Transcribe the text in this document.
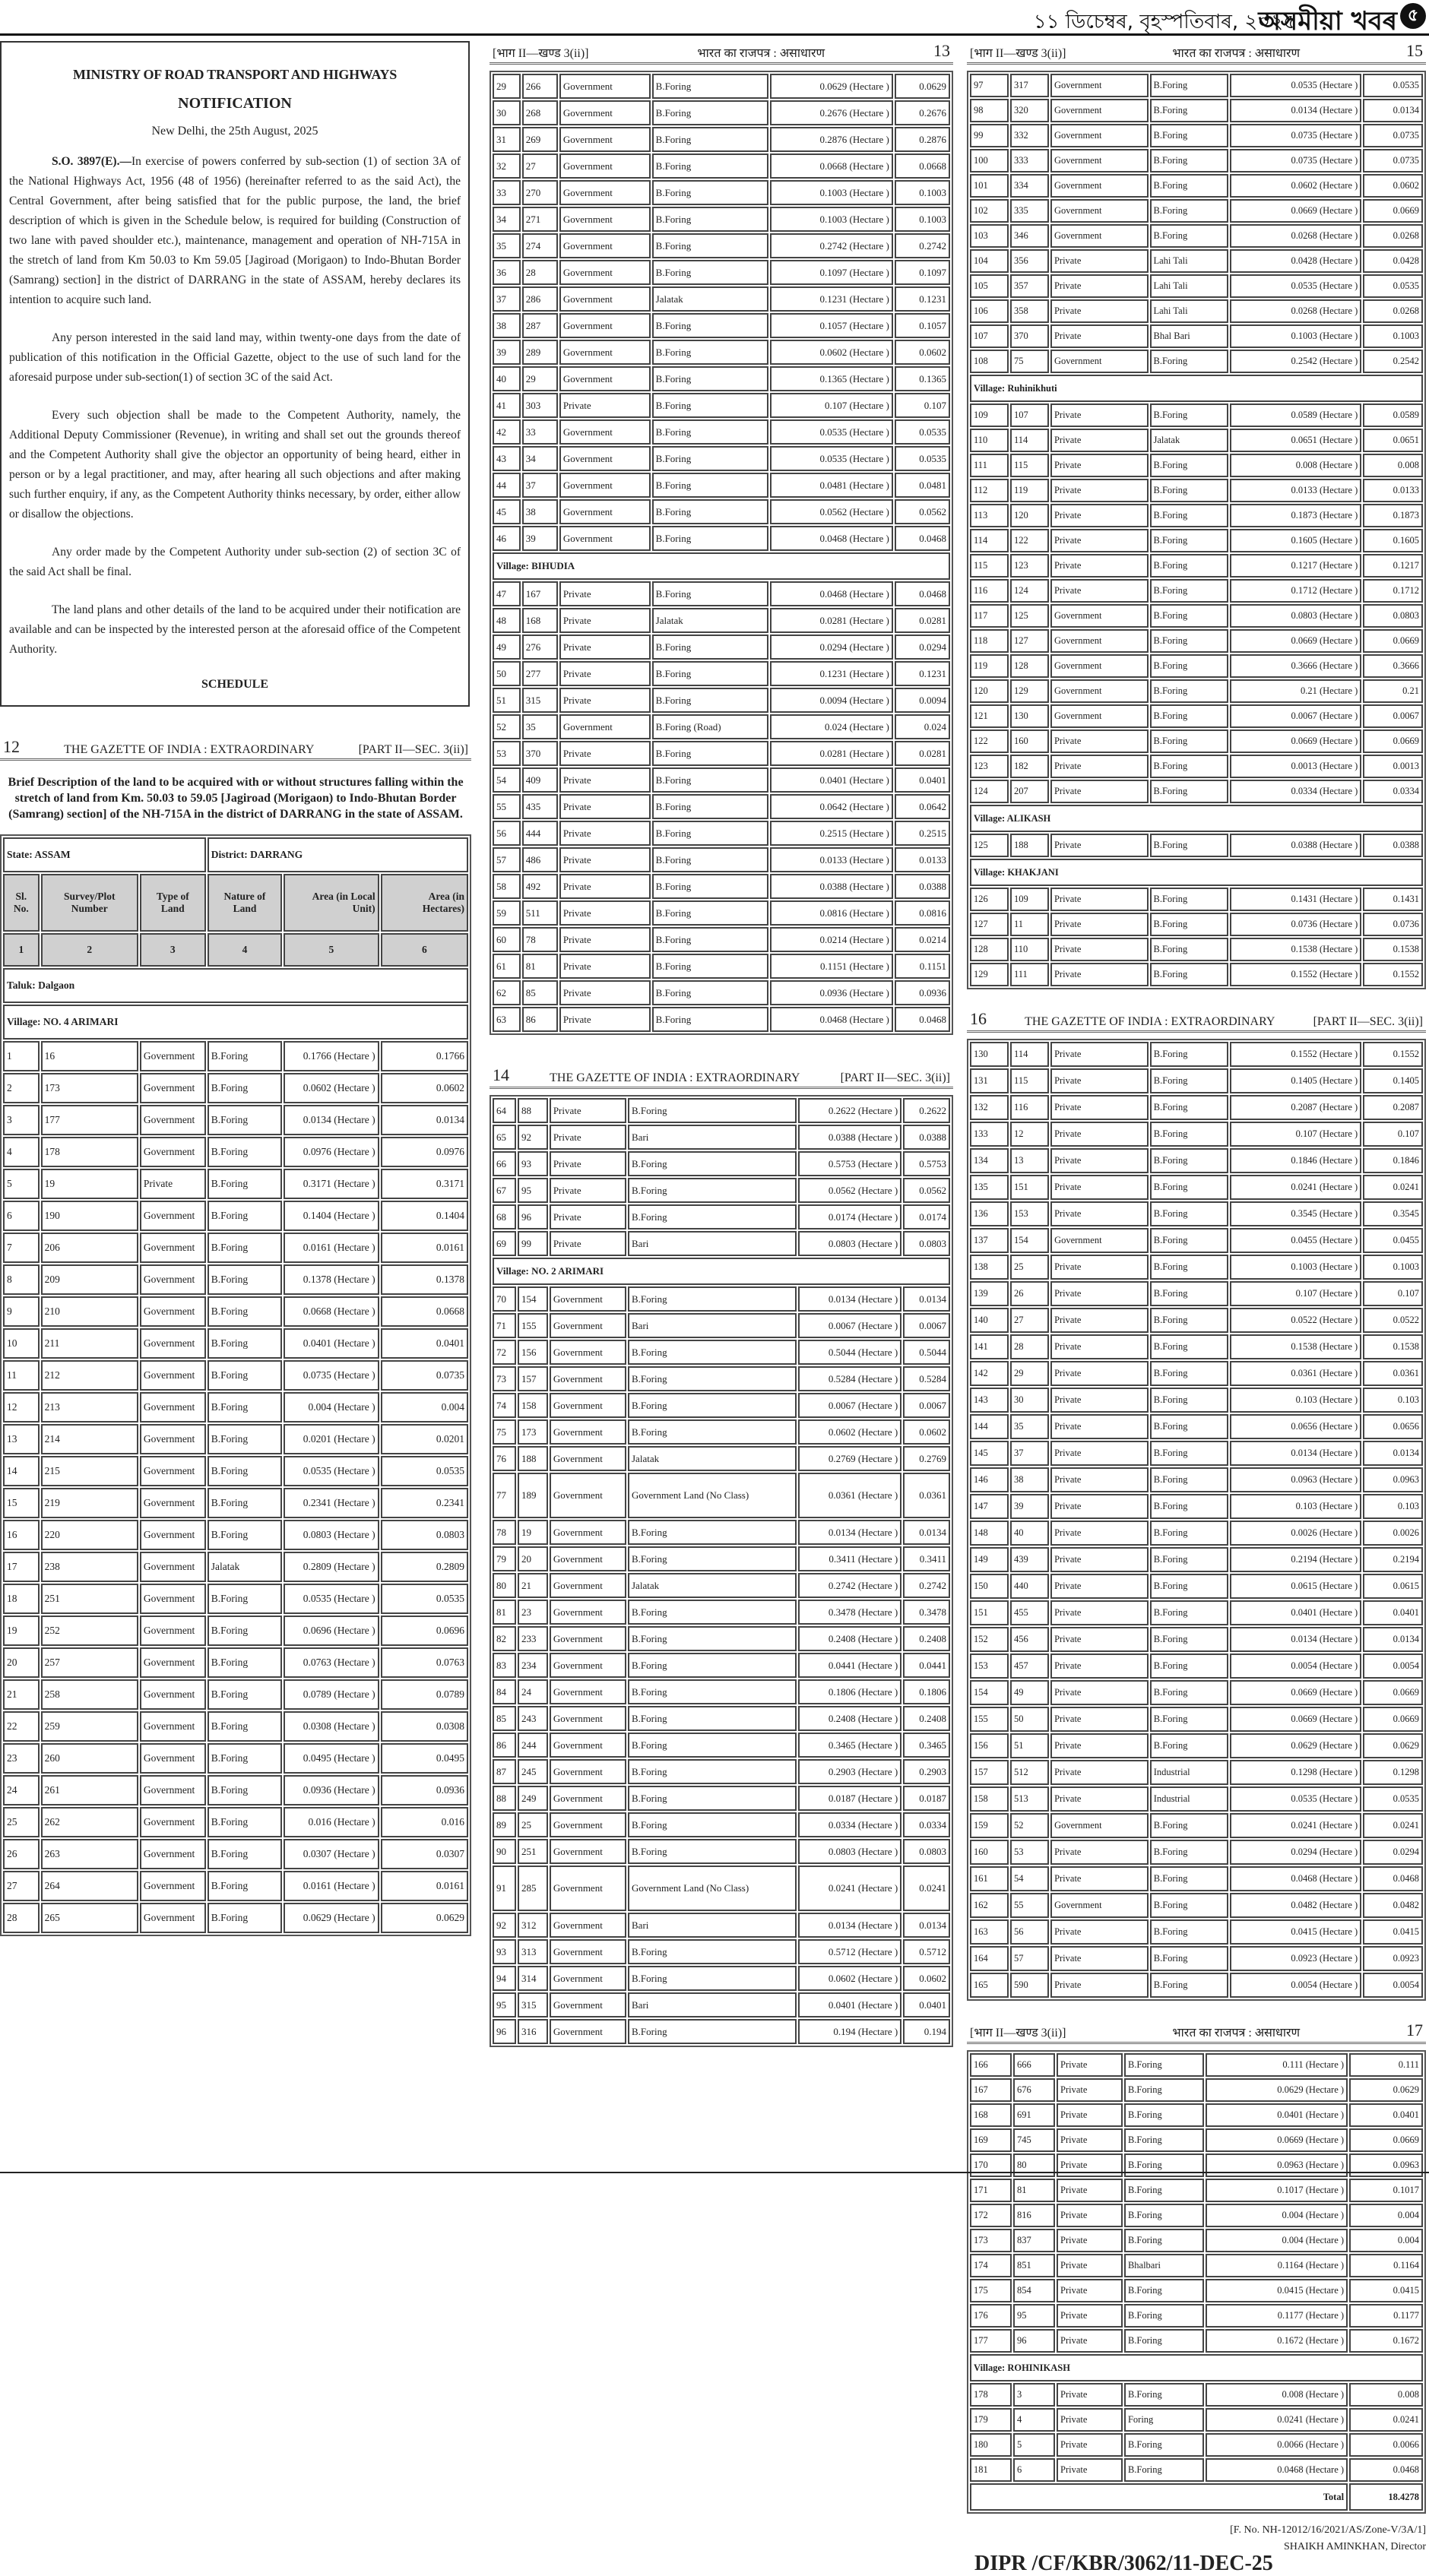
১১ ডিচেম্বৰ, বৃহস্পতিবাৰ, ২০২৫
অসমীয়া খবৰ ৫
MINISTRY OF ROAD TRANSPORT AND HIGHWAYS
NOTIFICATION
New Delhi, the 25th August, 2025

S.O. 3897(E).—In exercise of powers conferred by sub-section (1) of section 3A of the National Highways Act, 1956 (48 of 1956) (hereinafter referred to as the said Act), the Central Government, after being satisfied that for the public purpose, the land, the brief description of which is given in the Schedule below, is required for building (Construction of two lane with paved shoulder etc.), maintenance, management and operation of NH-715A in the stretch of land from Km 50.03 to Km 59.05 [Jagiroad (Morigaon) to Indo-Bhutan Border (Samrang) section] in the district of DARRANG in the state of ASSAM, hereby declares its intention to acquire such land.

Any person interested in the said land may, within twenty-one days from the date of publication of this notification in the Official Gazette, object to the use of such land for the aforesaid purpose under sub-section(1) of section 3C of the said Act.

Every such objection shall be made to the Competent Authority, namely, the Additional Deputy Commissioner (Revenue), in writing and shall set out the grounds thereof and the Competent Authority shall give the objector an opportunity of being heard, either in person or by a legal practitioner, and may, after hearing all such objections and after making such further enquiry, if any, as the Competent Authority thinks necessary, by order, either allow or disallow the objections.

Any order made by the Competent Authority under sub-section (2) of section 3C of the said Act shall be final.

The land plans and other details of the land to be acquired under their notification are available and can be inspected by the interested person at the aforesaid office of the Competent Authority.

SCHEDULE
12	THE GAZETTE OF INDIA : EXTRAORDINARY	[PART II—SEC. 3(ii)]
Brief Description of the land to be acquired with or without structures falling within the stretch of land from Km. 50.03 to 59.05 [Jagiroad (Morigaon) to Indo-Bhutan Border (Samrang) section] of the NH-715A in the district of DARRANG in the state of ASSAM.
State: ASSAM			District: DARRANG		
Sl. No.	Survey/Plot Number	Type of Land	Nature of Land	Area (in Local Unit)	Area (in Hectares)
1	2	3	4	5	6
Taluk: Dalgaon					
Village: NO. 4 ARIMARI					
1	16	Government	B.Foring	0.1766 (Hectare )	0.1766
2	173	Government	B.Foring	0.0602 (Hectare )	0.0602
3	177	Government	B.Foring	0.0134 (Hectare )	0.0134
4	178	Government	B.Foring	0.0976 (Hectare )	0.0976
5	19	Private	B.Foring	0.3171 (Hectare )	0.3171
6	190	Government	B.Foring	0.1404 (Hectare )	0.1404
7	206	Government	B.Foring	0.0161 (Hectare )	0.0161
8	209	Government	B.Foring	0.1378 (Hectare )	0.1378
9	210	Government	B.Foring	0.0668 (Hectare )	0.0668
10	211	Government	B.Foring	0.0401 (Hectare )	0.0401
11	212	Government	B.Foring	0.0735 (Hectare )	0.0735
12	213	Government	B.Foring	0.004 (Hectare )	0.004
13	214	Government	B.Foring	0.0201 (Hectare )	0.0201
14	215	Government	B.Foring	0.0535 (Hectare )	0.0535
15	219	Government	B.Foring	0.2341 (Hectare )	0.2341
16	220	Government	B.Foring	0.0803 (Hectare )	0.0803
17	238	Government	Jalatak	0.2809 (Hectare )	0.2809
18	251	Government	B.Foring	0.0535 (Hectare )	0.0535
19	252	Government	B.Foring	0.0696 (Hectare )	0.0696
20	257	Government	B.Foring	0.0763 (Hectare )	0.0763
21	258	Government	B.Foring	0.0789 (Hectare )	0.0789
22	259	Government	B.Foring	0.0308 (Hectare )	0.0308
23	260	Government	B.Foring	0.0495 (Hectare )	0.0495
24	261	Government	B.Foring	0.0936 (Hectare )	0.0936
25	262	Government	B.Foring	0.016 (Hectare )	0.016
26	263	Government	B.Foring	0.0307 (Hectare )	0.0307
27	264	Government	B.Foring	0.0161 (Hectare )	0.0161
28	265	Government	B.Foring	0.0629 (Hectare )	0.0629
[भाग II—खण्ड 3(ii)]	भारत का राजपत्र : असाधारण	13
29	266	Government	B.Foring	0.0629 (Hectare )	0.0629
30	268	Government	B.Foring	0.2676 (Hectare )	0.2676
31	269	Government	B.Foring	0.2876 (Hectare )	0.2876
32	27	Government	B.Foring	0.0668 (Hectare )	0.0668
33	270	Government	B.Foring	0.1003 (Hectare )	0.1003
34	271	Government	B.Foring	0.1003 (Hectare )	0.1003
35	274	Government	B.Foring	0.2742 (Hectare )	0.2742
36	28	Government	B.Foring	0.1097 (Hectare )	0.1097
37	286	Government	Jalatak	0.1231 (Hectare )	0.1231
38	287	Government	B.Foring	0.1057 (Hectare )	0.1057
39	289	Government	B.Foring	0.0602 (Hectare )	0.0602
40	29	Government	B.Foring	0.1365 (Hectare )	0.1365
41	303	Private	B.Foring	0.107 (Hectare )	0.107
42	33	Government	B.Foring	0.0535 (Hectare )	0.0535
43	34	Government	B.Foring	0.0535 (Hectare )	0.0535
44	37	Government	B.Foring	0.0481 (Hectare )	0.0481
45	38	Government	B.Foring	0.0562 (Hectare )	0.0562
46	39	Government	B.Foring	0.0468 (Hectare )	0.0468
Village: BIHUDIA					
47	167	Private	B.Foring	0.0468 (Hectare )	0.0468
48	168	Private	Jalatak	0.0281 (Hectare )	0.0281
49	276	Private	B.Foring	0.0294 (Hectare )	0.0294
50	277	Private	B.Foring	0.1231 (Hectare )	0.1231
51	315	Private	B.Foring	0.0094 (Hectare )	0.0094
52	35	Government	B.Foring (Road)	0.024 (Hectare )	0.024
53	370	Private	B.Foring	0.0281 (Hectare )	0.0281
54	409	Private	B.Foring	0.0401 (Hectare )	0.0401
55	435	Private	B.Foring	0.0642 (Hectare )	0.0642
56	444	Private	B.Foring	0.2515 (Hectare )	0.2515
57	486	Private	B.Foring	0.0133 (Hectare )	0.0133
58	492	Private	B.Foring	0.0388 (Hectare )	0.0388
59	511	Private	B.Foring	0.0816 (Hectare )	0.0816
60	78	Private	B.Foring	0.0214 (Hectare )	0.0214
61	81	Private	B.Foring	0.1151 (Hectare )	0.1151
62	85	Private	B.Foring	0.0936 (Hectare )	0.0936
63	86	Private	B.Foring	0.0468 (Hectare )	0.0468
14	THE GAZETTE OF INDIA : EXTRAORDINARY	[PART II—SEC. 3(ii)]
64	88	Private	B.Foring	0.2622 (Hectare )	0.2622
65	92	Private	Bari	0.0388 (Hectare )	0.0388
66	93	Private	B.Foring	0.5753 (Hectare )	0.5753
67	95	Private	B.Foring	0.0562 (Hectare )	0.0562
68	96	Private	B.Foring	0.0174 (Hectare )	0.0174
69	99	Private	Bari	0.0803 (Hectare )	0.0803
Village: NO. 2 ARIMARI					
70	154	Government	B.Foring	0.0134 (Hectare )	0.0134
71	155	Government	Bari	0.0067 (Hectare )	0.0067
72	156	Government	B.Foring	0.5044 (Hectare )	0.5044
73	157	Government	B.Foring	0.5284 (Hectare )	0.5284
74	158	Government	B.Foring	0.0067 (Hectare )	0.0067
75	173	Government	B.Foring	0.0602 (Hectare )	0.0602
76	188	Government	Jalatak	0.2769 (Hectare )	0.2769
77	189	Government	Government Land (No Class)	0.0361 (Hectare )	0.0361
78	19	Government	B.Foring	0.0134 (Hectare )	0.0134
79	20	Government	B.Foring	0.3411 (Hectare )	0.3411
80	21	Government	Jalatak	0.2742 (Hectare )	0.2742
81	23	Government	B.Foring	0.3478 (Hectare )	0.3478
82	233	Government	B.Foring	0.2408 (Hectare )	0.2408
83	234	Government	B.Foring	0.0441 (Hectare )	0.0441
84	24	Government	B.Foring	0.1806 (Hectare )	0.1806
85	243	Government	B.Foring	0.2408 (Hectare )	0.2408
86	244	Government	B.Foring	0.3465 (Hectare )	0.3465
87	245	Government	B.Foring	0.2903 (Hectare )	0.2903
88	249	Government	B.Foring	0.0187 (Hectare )	0.0187
89	25	Government	B.Foring	0.0334 (Hectare )	0.0334
90	251	Government	B.Foring	0.0803 (Hectare )	0.0803
91	285	Government	Government Land (No Class)	0.0241 (Hectare )	0.0241
92	312	Government	Bari	0.0134 (Hectare )	0.0134
93	313	Government	B.Foring	0.5712 (Hectare )	0.5712
94	314	Government	B.Foring	0.0602 (Hectare )	0.0602
95	315	Government	Bari	0.0401 (Hectare )	0.0401
96	316	Government	B.Foring	0.194 (Hectare )	0.194
[भाग II—खण्ड 3(ii)]	भारत का राजपत्र : असाधारण	15
97	317	Government	B.Foring	0.0535 (Hectare )	0.0535
98	320	Government	B.Foring	0.0134 (Hectare )	0.0134
99	332	Government	B.Foring	0.0735 (Hectare )	0.0735
100	333	Government	B.Foring	0.0735 (Hectare )	0.0735
101	334	Government	B.Foring	0.0602 (Hectare )	0.0602
102	335	Government	B.Foring	0.0669 (Hectare )	0.0669
103	346	Government	B.Foring	0.0268 (Hectare )	0.0268
104	356	Private	Lahi Tali	0.0428 (Hectare )	0.0428
105	357	Private	Lahi Tali	0.0535 (Hectare )	0.0535
106	358	Private	Lahi Tali	0.0268 (Hectare )	0.0268
107	370	Private	Bhal Bari	0.1003 (Hectare )	0.1003
108	75	Government	B.Foring	0.2542 (Hectare )	0.2542
Village: Ruhinikhuti					
109	107	Private	B.Foring	0.0589 (Hectare )	0.0589
110	114	Private	Jalatak	0.0651 (Hectare )	0.0651
111	115	Private	B.Foring	0.008 (Hectare )	0.008
112	119	Private	B.Foring	0.0133 (Hectare )	0.0133
113	120	Private	B.Foring	0.1873 (Hectare )	0.1873
114	122	Private	B.Foring	0.1605 (Hectare )	0.1605
115	123	Private	B.Foring	0.1217 (Hectare )	0.1217
116	124	Private	B.Foring	0.1712 (Hectare )	0.1712
117	125	Government	B.Foring	0.0803 (Hectare )	0.0803
118	127	Government	B.Foring	0.0669 (Hectare )	0.0669
119	128	Government	B.Foring	0.3666 (Hectare )	0.3666
120	129	Government	B.Foring	0.21 (Hectare )	0.21
121	130	Government	B.Foring	0.0067 (Hectare )	0.0067
122	160	Private	B.Foring	0.0669 (Hectare )	0.0669
123	182	Private	B.Foring	0.0013 (Hectare )	0.0013
124	207	Private	B.Foring	0.0334 (Hectare )	0.0334
Village: ALIKASH					
125	188	Private	B.Foring	0.0388 (Hectare )	0.0388
Village: KHAKJANI					
126	109	Private	B.Foring	0.1431 (Hectare )	0.1431
127	11	Private	B.Foring	0.0736 (Hectare )	0.0736
128	110	Private	B.Foring	0.1538 (Hectare )	0.1538
129	111	Private	B.Foring	0.1552 (Hectare )	0.1552
16	THE GAZETTE OF INDIA : EXTRAORDINARY	[PART II—SEC. 3(ii)]
130	114	Private	B.Foring	0.1552 (Hectare )	0.1552
131	115	Private	B.Foring	0.1405 (Hectare )	0.1405
132	116	Private	B.Foring	0.2087 (Hectare )	0.2087
133	12	Private	B.Foring	0.107 (Hectare )	0.107
134	13	Private	B.Foring	0.1846 (Hectare )	0.1846
135	151	Private	B.Foring	0.0241 (Hectare )	0.0241
136	153	Private	B.Foring	0.3545 (Hectare )	0.3545
137	154	Government	B.Foring	0.0455 (Hectare )	0.0455
138	25	Private	B.Foring	0.1003 (Hectare )	0.1003
139	26	Private	B.Foring	0.107 (Hectare )	0.107
140	27	Private	B.Foring	0.0522 (Hectare )	0.0522
141	28	Private	B.Foring	0.1538 (Hectare )	0.1538
142	29	Private	B.Foring	0.0361 (Hectare )	0.0361
143	30	Private	B.Foring	0.103 (Hectare )	0.103
144	35	Private	B.Foring	0.0656 (Hectare )	0.0656
145	37	Private	B.Foring	0.0134 (Hectare )	0.0134
146	38	Private	B.Foring	0.0963 (Hectare )	0.0963
147	39	Private	B.Foring	0.103 (Hectare )	0.103
148	40	Private	B.Foring	0.0026 (Hectare )	0.0026
149	439	Private	B.Foring	0.2194 (Hectare )	0.2194
150	440	Private	B.Foring	0.0615 (Hectare )	0.0615
151	455	Private	B.Foring	0.0401 (Hectare )	0.0401
152	456	Private	B.Foring	0.0134 (Hectare )	0.0134
153	457	Private	B.Foring	0.0054 (Hectare )	0.0054
154	49	Private	B.Foring	0.0669 (Hectare )	0.0669
155	50	Private	B.Foring	0.0669 (Hectare )	0.0669
156	51	Private	B.Foring	0.0629 (Hectare )	0.0629
157	512	Private	Industrial	0.1298 (Hectare )	0.1298
158	513	Private	Industrial	0.0535 (Hectare )	0.0535
159	52	Government	B.Foring	0.0241 (Hectare )	0.0241
160	53	Private	B.Foring	0.0294 (Hectare )	0.0294
161	54	Private	B.Foring	0.0468 (Hectare )	0.0468
162	55	Government	B.Foring	0.0482 (Hectare )	0.0482
163	56	Private	B.Foring	0.0415 (Hectare )	0.0415
164	57	Private	B.Foring	0.0923 (Hectare )	0.0923
165	590	Private	B.Foring	0.0054 (Hectare )	0.0054
[भाग II—खण्ड 3(ii)]	भारत का राजपत्र : असाधारण	17
166	666	Private	B.Foring	0.111 (Hectare )	0.111
167	676	Private	B.Foring	0.0629 (Hectare )	0.0629
168	691	Private	B.Foring	0.0401 (Hectare )	0.0401
169	745	Private	B.Foring	0.0669 (Hectare )	0.0669
170	80	Private	B.Foring	0.0963 (Hectare )	0.0963
171	81	Private	B.Foring	0.1017 (Hectare )	0.1017
172	816	Private	B.Foring	0.004 (Hectare )	0.004
173	837	Private	B.Foring	0.004 (Hectare )	0.004
174	851	Private	Bhalbari	0.1164 (Hectare )	0.1164
175	854	Private	B.Foring	0.0415 (Hectare )	0.0415
176	95	Private	B.Foring	0.1177 (Hectare )	0.1177
177	96	Private	B.Foring	0.1672 (Hectare )	0.1672
Village: ROHINIKASH					
178	3	Private	B.Foring	0.008 (Hectare )	0.008
179	4	Private	Foring	0.0241 (Hectare )	0.0241
180	5	Private	B.Foring	0.0066 (Hectare )	0.0066
181	6	Private	B.Foring	0.0468 (Hectare )	0.0468
Total					18.4278
[F. No. NH-12012/16/2021/AS/Zone-V/3A/1]
SHAIKH AMINKHAN, Director
DIPR /CF/KBR/3062/11-DEC-25
